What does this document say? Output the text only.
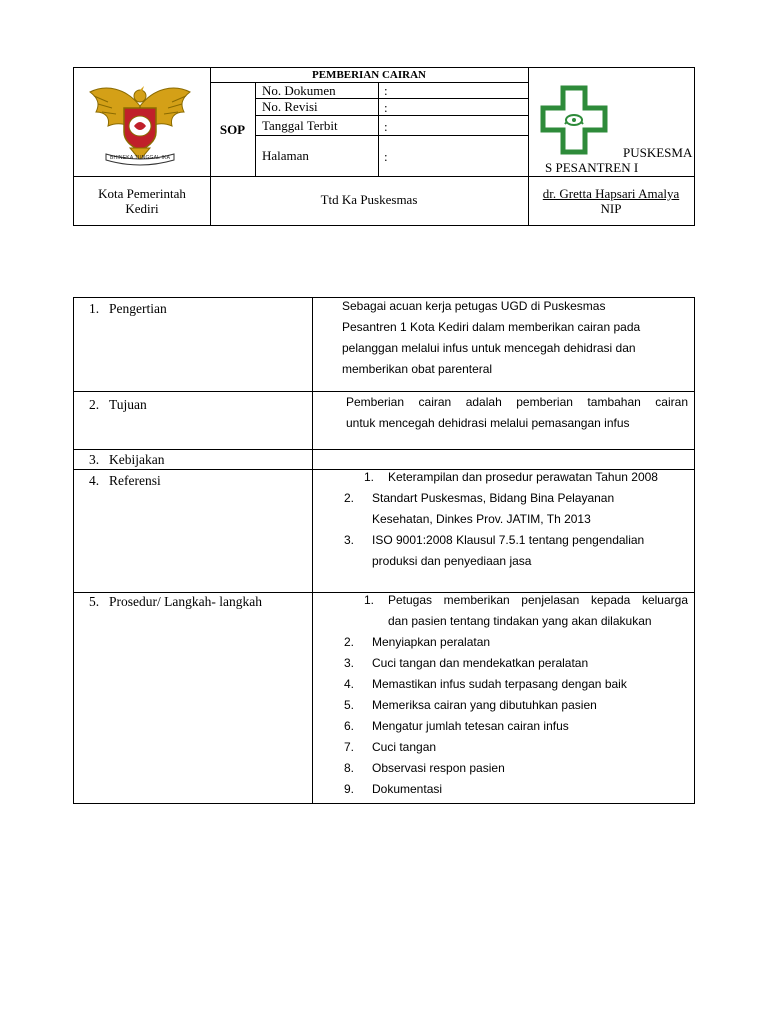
BHINEKA TUNGGAL IKA
PEMBERIAN CAIRAN
SOP
No. Dokumen	:
No. Revisi	:
Tanggal Terbit	:
Halaman	:	PUSKESMA
S PESANTREN I
Kota Pemerintah
Kediri
Ttd Ka Puskesmas	dr. Gretta Hapsari Amalya
NIP
1. Pengertian	Sebagai acuan kerja petugas UGD di Puskesmas
Pesantren 1 Kota Kediri dalam memberikan cairan pada
pelanggan melalui infus untuk mencegah dehidrasi dan
memberikan obat parenteral
2. Tujuan	Pemberian cairan adalah pemberian tambahan cairan
untuk mencegah dehidrasi melalui pemasangan infus
3. Kebijakan
4. Referensi	1. Keterampilan dan prosedur perawatan Tahun 2008
2. Standart Puskesmas, Bidang Bina Pelayanan
Kesehatan, Dinkes Prov. JATIM, Th 2013
3. ISO 9001:2008 Klausul 7.5.1 tentang pengendalian
produksi dan penyediaan jasa
5. Prosedur/ Langkah- langkah	1. Petugas memberikan penjelasan kepada keluarga
dan pasien tentang tindakan yang akan dilakukan
2. Menyiapkan peralatan
3. Cuci tangan dan mendekatkan peralatan
4. Memastikan infus sudah terpasang dengan baik
5. Memeriksa cairan yang dibutuhkan pasien
6. Mengatur jumlah tetesan cairan infus
7. Cuci tangan
8. Observasi respon pasien
9. Dokumentasi
